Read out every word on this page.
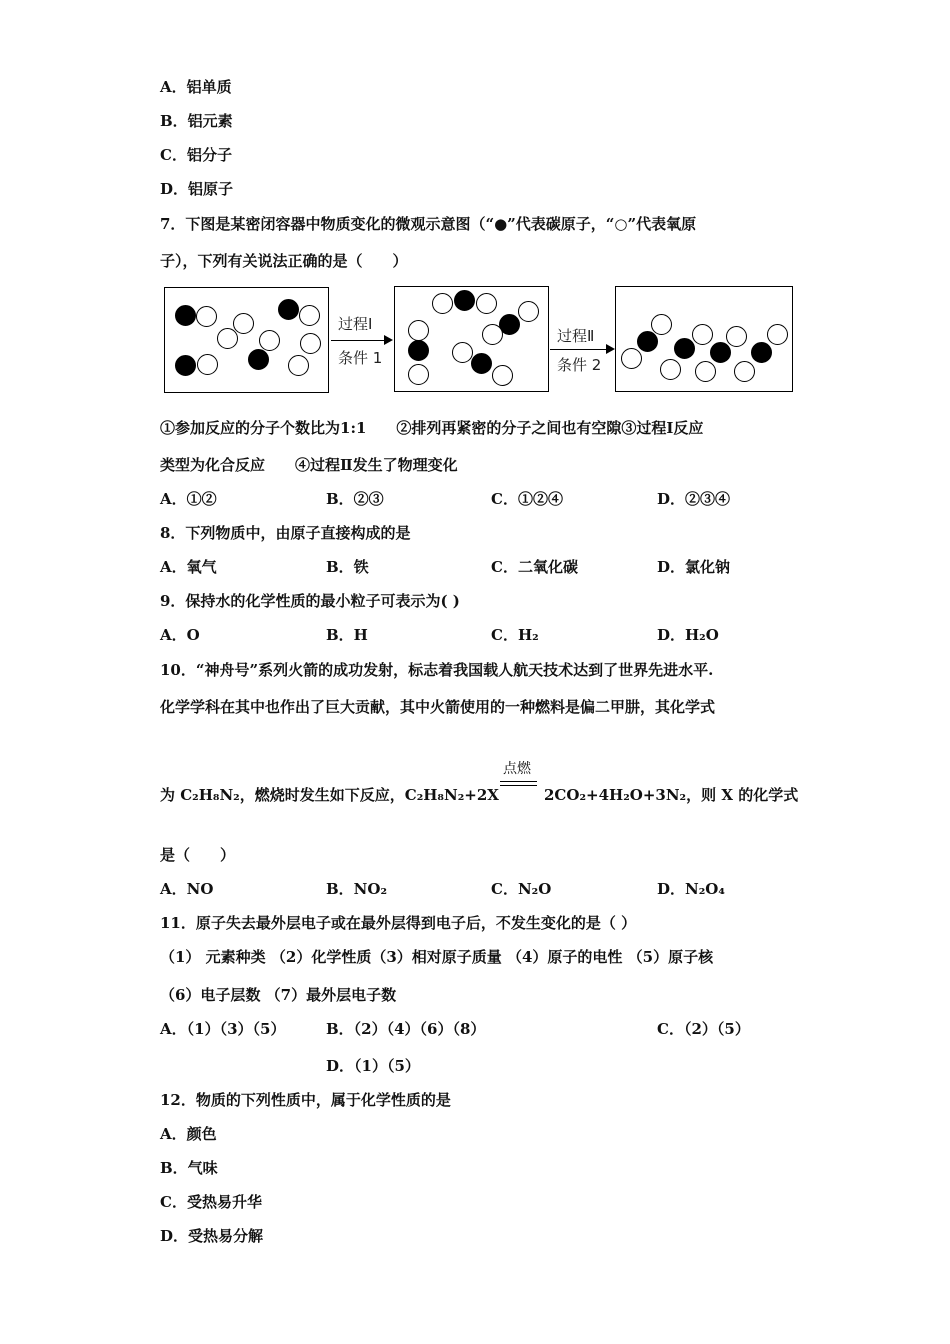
A．铝单质
B．铝元素
C．铝分子
D．铝原子
7．下图是某密闭容器中物质变化的微观示意图（“●”代表碳原子，“○”代表氧原
子），下列有关说法正确的是（　　）
过程Ⅰ
条件 1
过程Ⅱ
条件 2
①参加反应的分子个数比为1:1　　②排列再紧密的分子之间也有空隙③过程Ⅰ反应
类型为化合反应　　④过程Ⅱ发生了物理变化
A．①②	B．②③	C．①②④	D．②③④
8．下列物质中，由原子直接构成的是
A．氧气	B．铁	C．二氧化碳	D．氯化钠
9．保持水的化学性质的最小粒子可表示为( )
A．O	B．H	C．H₂	D．H₂O
10．“神舟号”系列火箭的成功发射，标志着我国载人航天技术达到了世界先进水平.
化学学科在其中也作出了巨大贡献，其中火箭使用的一种燃料是偏二甲肼，其化学式
点燃
为 C₂H₈N₂，燃烧时发生如下反应，C₂H₈N₂+2X	2CO₂+4H₂O+3N₂，则 X 的化学式
是（　　）
A．NO	B．NO₂	C．N₂O	D．N₂O₄
11．原子失去最外层电子或在最外层得到电子后，不发生变化的是（ ）
（1） 元素种类 （2）化学性质（3）相对原子质量 （4）原子的电性 （5）原子核
（6）电子层数 （7）最外层电子数
A．（1）（3）（5）	B．（2）（4）（6）（8）	C．（2）（5）
D．（1）（5）
12．物质的下列性质中，属于化学性质的是
A．颜色
B．气味
C．受热易升华
D．受热易分解
